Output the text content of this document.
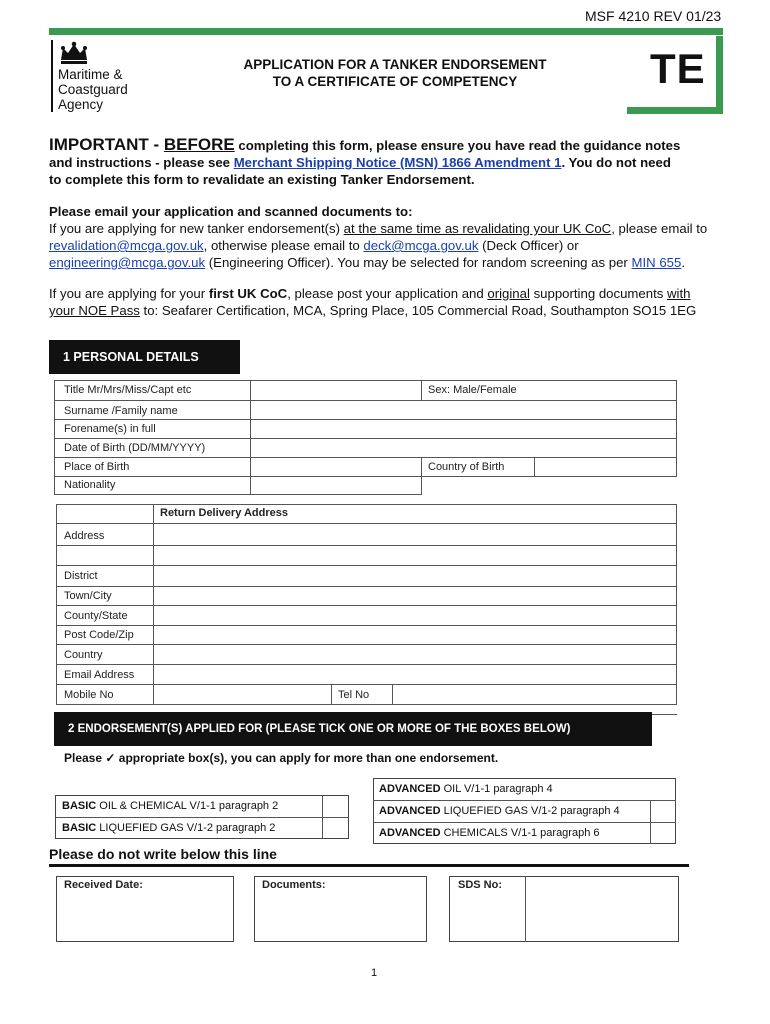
MSF 4210 REV 01/23
Maritime &
Coastguard
Agency
APPLICATION FOR A TANKER ENDORSEMENT
TO A CERTIFICATE OF COMPETENCY	TE
IMPORTANT - BEFORE completing this form, please ensure you have read the guidance notes
and instructions - please see Merchant Shipping Notice (MSN) 1866 Amendment 1. You do not need
to complete this form to revalidate an existing Tanker Endorsement.
Please email your application and scanned documents to:
If you are applying for new tanker endorsement(s) at the same time as revalidating your UK CoC, please email to
revalidation@mcga.gov.uk, otherwise please email to deck@mcga.gov.uk (Deck Officer) or
engineering@mcga.gov.uk (Engineering Officer). You may be selected for random screening as per MIN 655.
If you are applying for your first UK CoC, please post your application and original supporting documents with
your NOE Pass to: Seafarer Certification, MCA, Spring Place, 105 Commercial Road, Southampton SO15 1EG
1 PERSONAL DETAILS
Title Mr/Mrs/Miss/Capt etc	Sex: Male/Female
Surname /Family name
Forename(s) in full
Date of Birth (DD/MM/YYYY)
Place of Birth	Country of Birth
Nationality
Return Delivery Address
Address
District
Town/City
County/State
Post Code/Zip
Country
Email Address
Mobile No	Tel No
2 ENDORSEMENT(S) APPLIED FOR (PLEASE TICK ONE OR MORE OF THE BOXES BELOW)
Please ✓ appropriate box(s), you can apply for more than one endorsement.
BASIC OIL & CHEMICAL V/1-1 paragraph 2
BASIC LIQUEFIED GAS V/1-2 paragraph 2
ADVANCED OIL V/1-1 paragraph 4
ADVANCED LIQUEFIED GAS V/1-2 paragraph 4
ADVANCED CHEMICALS V/1-1 paragraph 6
Please do not write below this line
Received Date:	Documents:	SDS No:
1
